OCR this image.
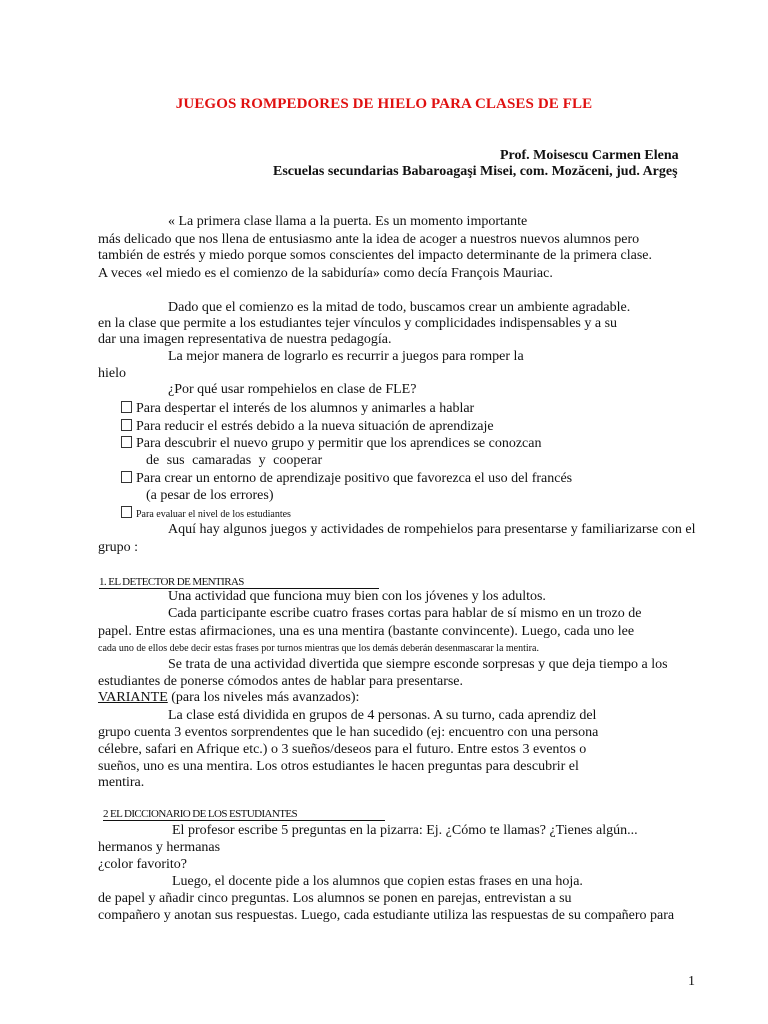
JUEGOS ROMPEDORES DE HIELO PARA CLASES DE FLE
Prof. Moisescu Carmen Elena
Escuelas secundarias Babaroagaşi Misei, com. Mozăceni, jud. Argeş
« La primera clase llama a la puerta. Es un momento importante
más delicado que nos llena de entusiasmo ante la idea de acoger a nuestros nuevos alumnos pero
también de estrés y miedo porque somos conscientes del impacto determinante de la primera clase.
A veces «el miedo es el comienzo de la sabiduría» como decía François Mauriac.
Dado que el comienzo es la mitad de todo, buscamos crear un ambiente agradable.
en la clase que permite a los estudiantes tejer vínculos y complicidades indispensables y a su
dar una imagen representativa de nuestra pedagogía.
La mejor manera de lograrlo es recurrir a juegos para romper la
hielo
¿Por qué usar rompehielos en clase de FLE?
Para despertar el interés de los alumnos y animarles a hablar
Para reducir el estrés debido a la nueva situación de aprendizaje
Para descubrir el nuevo grupo y permitir que los aprendices se conozcan
de sus camaradas y cooperar
Para crear un entorno de aprendizaje positivo que favorezca el uso del francés
(a pesar de los errores)
Para evaluar el nivel de los estudiantes
Aquí hay algunos juegos y actividades de rompehielos para presentarse y familiarizarse con el
grupo :
1. EL DETECTOR DE MENTIRAS
Una actividad que funciona muy bien con los jóvenes y los adultos.
Cada participante escribe cuatro frases cortas para hablar de sí mismo en un trozo de
papel. Entre estas afirmaciones, una es una mentira (bastante convincente). Luego, cada uno lee
cada uno de ellos debe decir estas frases por turnos mientras que los demás deberán desenmascarar la mentira.
Se trata de una actividad divertida que siempre esconde sorpresas y que deja tiempo a los
estudiantes de ponerse cómodos antes de hablar para presentarse.
VARIANTE (para los niveles más avanzados):
La clase está dividida en grupos de 4 personas. A su turno, cada aprendiz del
grupo cuenta 3 eventos sorprendentes que le han sucedido (ej: encuentro con una persona
célebre, safari en Afrique etc.) o 3 sueños/deseos para el futuro. Entre estos 3 eventos o
sueños, uno es una mentira. Los otros estudiantes le hacen preguntas para descubrir el
mentira.
2 EL DICCIONARIO DE LOS ESTUDIANTES
El profesor escribe 5 preguntas en la pizarra: Ej. ¿Cómo te llamas? ¿Tienes algún...
hermanos y hermanas
¿color favorito?
Luego, el docente pide a los alumnos que copien estas frases en una hoja.
de papel y añadir cinco preguntas. Los alumnos se ponen en parejas, entrevistan a su
compañero y anotan sus respuestas. Luego, cada estudiante utiliza las respuestas de su compañero para
1
